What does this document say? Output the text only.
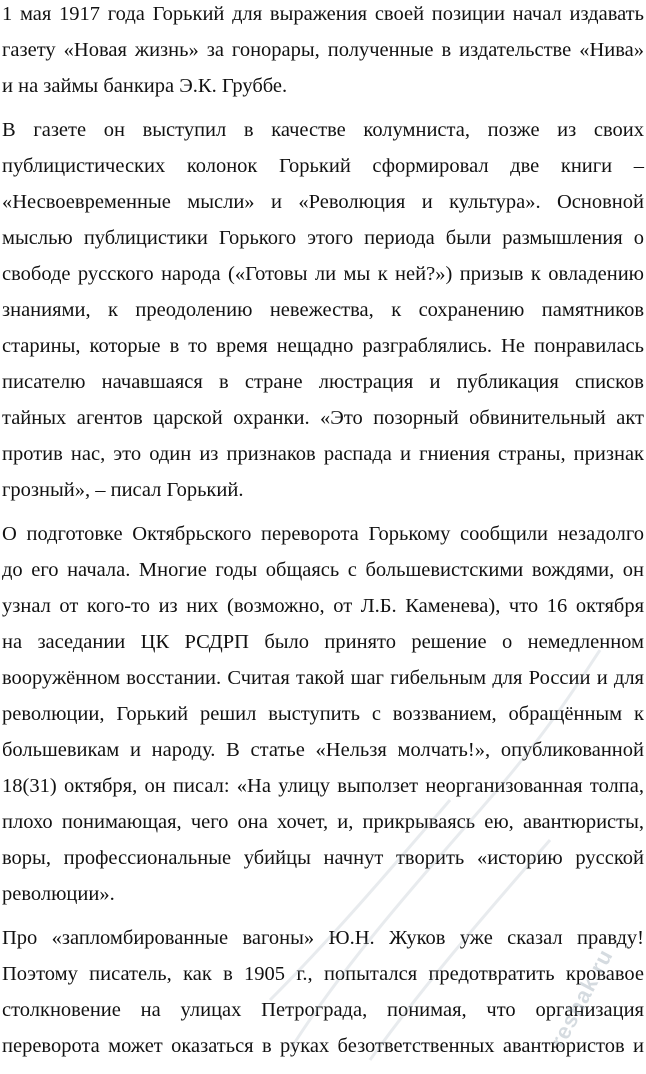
1 мая 1917 года Горький для выражения своей позиции начал издавать
газету «Новая жизнь» за гонорары, полученные в издательстве «Нива»
и на займы банкира Э.К. Груббе.
В газете он выступил в качестве колумниста, позже из своих
публицистических колонок Горький сформировал две книги –
«Несвоевременные мысли» и «Революция и культура». Основной
мыслью публицистики Горького этого периода были размышления о
свободе русского народа («Готовы ли мы к ней?») призыв к овладению
знаниями, к преодолению невежества, к сохранению памятников
старины, которые в то время нещадно разграблялись. Не понравилась
писателю начавшаяся в стране люстрация и публикация списков
тайных агентов царской охранки. «Это позорный обвинительный акт
против нас, это один из признаков распада и гниения страны, признак
грозный», – писал Горький.
О подготовке Октябрьского переворота Горькому сообщили незадолго
до его начала. Многие годы общаясь с большевистскими вождями, он
узнал от кого-то из них (возможно, от Л.Б. Каменева), что 16 октября
на заседании ЦК РСДРП было принято решение о немедленном
вооружённом восстании. Считая такой шаг гибельным для России и для
революции, Горький решил выступить с воззванием, обращённым к
большевикам и народу. В статье «Нельзя молчать!», опубликованной
18(31) октября, он писал: «На улицу выползет неорганизованная толпа,
плохо понимающая, чего она хочет, и, прикрываясь ею, авантюристы,
воры, профессиональные убийцы начнут творить «историю русской
революции».
Про «запломбированные вагоны» Ю.Н. Жуков уже сказал правду!
Поэтому писатель, как в 1905 г., попытался предотвратить кровавое
столкновение на улицах Петрограда, понимая, что организация
переворота может оказаться в руках безответственных авантюристов и
reshak.ru
